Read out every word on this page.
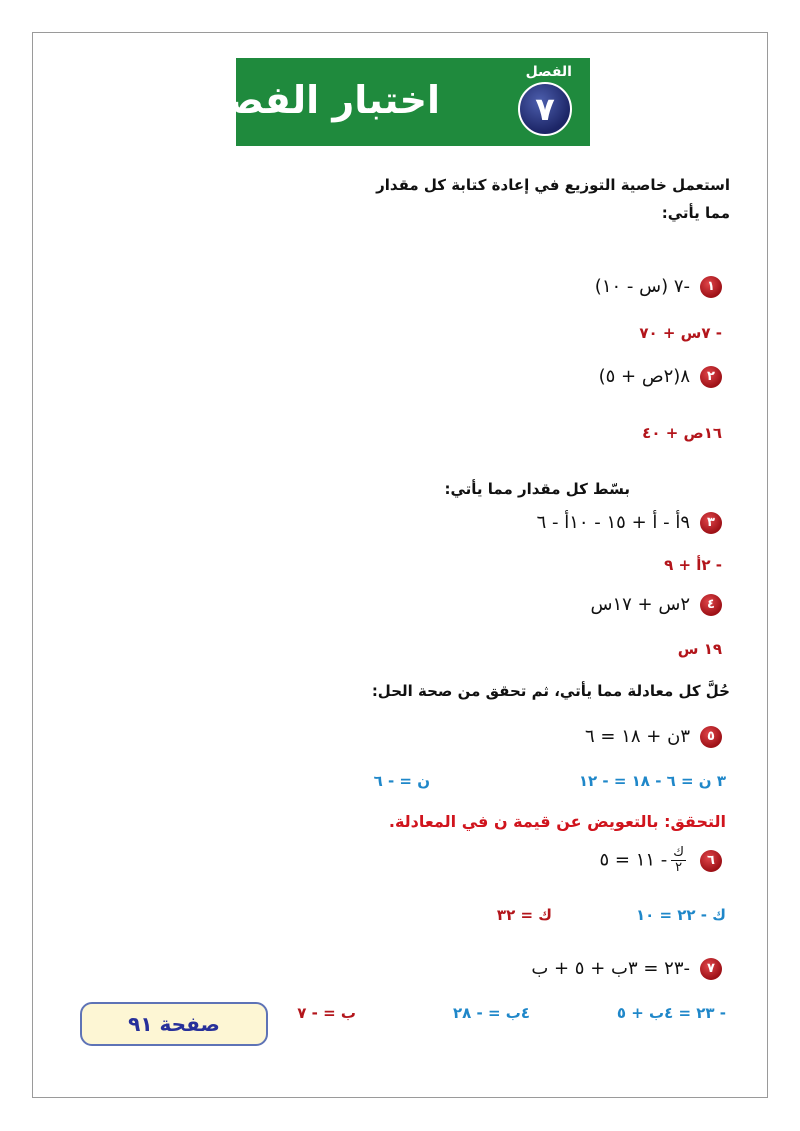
اختبار الفصل
الفصل
٧
استعمل خاصية التوزيع في إعادة كتابة كل مقدار
مما يأتي:
١-٧ (س - ١٠)
- ٧س + ٧٠
٢٨(٢ص + ٥)
١٦ص + ٤٠
بسّط كل مقدار مما يأتي:
٣٩أ - أ + ١٥ - ١٠أ - ٦
- ٢أ + ٩
٤٢س + ١٧س
١٩ س
حُلَّ كل معادلة مما يأتي، ثم تحقق من صحة الحل:
٥٣ن + ١٨ = ٦
٣ ن = ٦ - ١٨ = - ١٢
ن = - ٦
التحقق: بالتعويض عن قيمة ن في المعادلة.
٦
$\frac{\text{ك}}{٢}$
- ١١ = ٥
ك - ٢٢ = ١٠
ك = ٣٢
٧-٢٣ = ٣ب + ٥ + ب
- ٢٣ = ٤ب + ٥
٤ب = - ٢٨
ب = - ٧
صفحة ٩١
